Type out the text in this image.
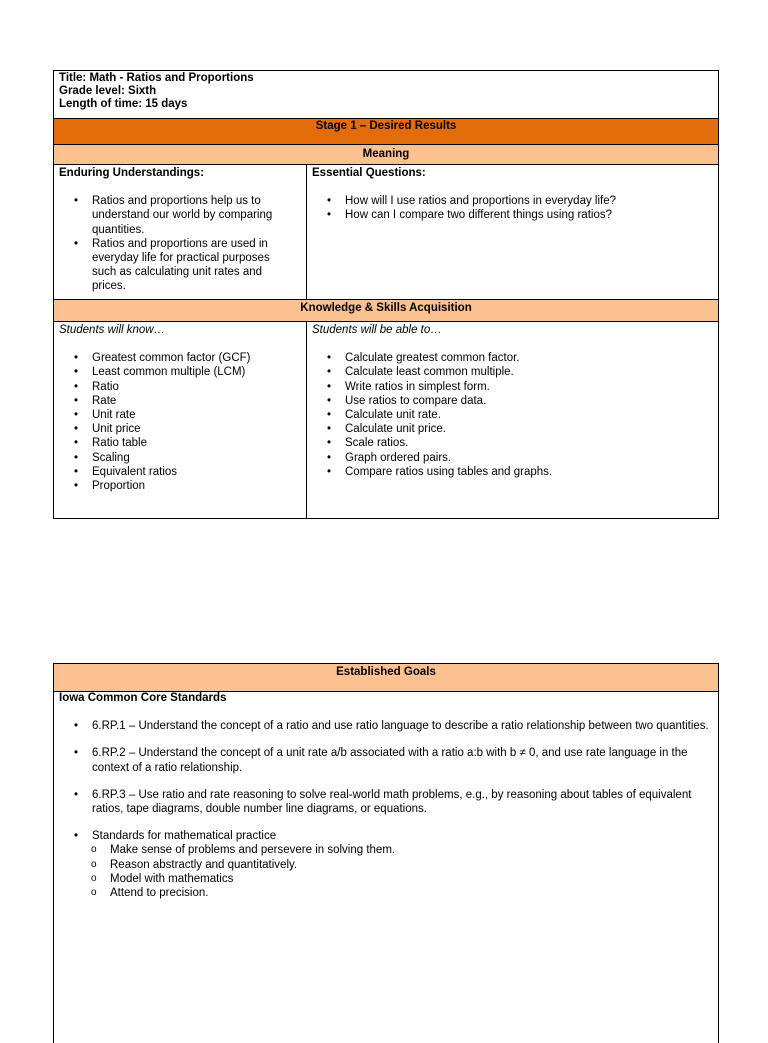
Title: Math - Ratios and Proportions
Grade level: Sixth
Length of time: 15 days
Stage 1 – Desired Results
Meaning
Enduring Understandings:
• Ratios and proportions help us to understand our world by comparing quantities.
• Ratios and proportions are used in everyday life for practical purposes such as calculating unit rates and prices.
Essential Questions:
• How will I use ratios and proportions in everyday life?
• How can I compare two different things using ratios?
Knowledge & Skills Acquisition
Students will know…
• Greatest common factor (GCF)
• Least common multiple (LCM)
• Ratio
• Rate
• Unit rate
• Unit price
• Ratio table
• Scaling
• Equivalent ratios
• Proportion
Students will be able to…
• Calculate greatest common factor.
• Calculate least common multiple.
• Write ratios in simplest form.
• Use ratios to compare data.
• Calculate unit rate.
• Calculate unit price.
• Scale ratios.
• Graph ordered pairs.
• Compare ratios using tables and graphs.
Established Goals
Iowa Common Core Standards
• 6.RP.1 – Understand the concept of a ratio and use ratio language to describe a ratio relationship between two quantities.
• 6.RP.2 – Understand the concept of a unit rate a/b associated with a ratio a:b with b ≠ 0, and use rate language in the context of a ratio relationship.
• 6.RP.3 – Use ratio and rate reasoning to solve real-world math problems, e.g., by reasoning about tables of equivalent ratios, tape diagrams, double number line diagrams, or equations.
• Standards for mathematical practice
o Make sense of problems and persevere in solving them.
o Reason abstractly and quantitatively.
o Model with mathematics
o Attend to precision.
